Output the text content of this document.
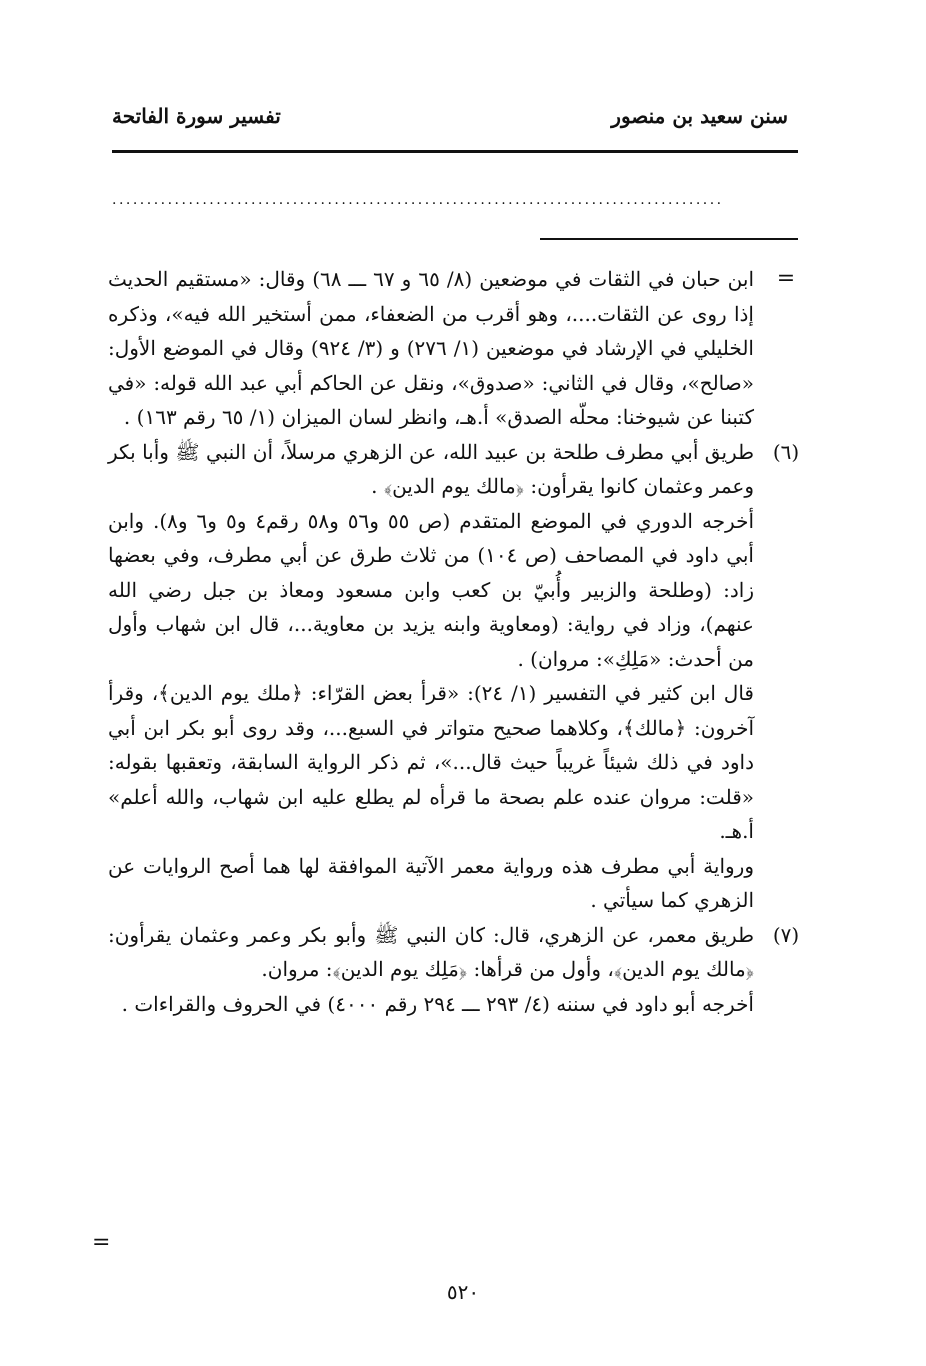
سنن سعيد بن منصور
تفسير سورة الفاتحة
........................................................................................
=
ابن حبان في الثقات في موضعين (٨/ ٦٥ و ٦٧ ـــ ٦٨) وقال: «مستقيم الحديث إذا روى عن الثقات....، وهو أقرب من الضعفاء، ممن أستخير الله فيه»، وذكره الخليلي في الإرشاد في موضعين (١/ ٢٧٦) و (٣/ ٩٢٤) وقال في الموضع الأول: «صالح»، وقال في الثاني: «صدوق»، ونقل عن الحاكم أبي عبد الله قوله: «في كتبنا عن شيوخنا: محلّه الصدق» أ.هـ، وانظر لسان الميزان (١/ ٦٥ رقم ١٦٣) .
(٦)
طريق أبي مطرف طلحة بن عبيد الله، عن الزهري مرسلاً، أن النبي ﷺ وأبا بكر وعمر وعثمان كانوا يقرأون: ﴿مالك يوم الدين﴾ .
أخرجه الدوري في الموضع المتقدم (ص ٥٥ و٥٦ و٥٨ رقم٤ و٥ و٦ و٨). وابن أبي داود في المصاحف (ص ١٠٤) من ثلاث طرق عن أبي مطرف، وفي بعضها زاد: (وطلحة والزبير وأُبيّ بن كعب وابن مسعود ومعاذ بن جبل رضي الله عنهم)، وزاد في رواية: (ومعاوية وابنه يزيد بن معاوية...، قال ابن شهاب وأول من أحدث: «مَلِكِ»: مروان) .
قال ابن كثير في التفسير (١/ ٢٤): «قرأ بعض القرّاء: ﴿ملك يوم الدين﴾، وقرأ آخرون: ﴿مالك﴾، وكلاهما صحيح متواتر في السبع...، وقد روى أبو بكر ابن أبي داود في ذلك شيئاً غريباً حيث قال...»، ثم ذكر الرواية السابقة، وتعقبها بقوله: «قلت: مروان عنده علم بصحة ما قرأه لم يطلع عليه ابن شهاب، والله أعلم» أ.هـ.
ورواية أبي مطرف هذه ورواية معمر الآتية الموافقة لها هما أصح الروايات عن الزهري كما سيأتي .
(٧)
طريق معمر، عن الزهري، قال: كان النبي ﷺ وأبو بكر وعمر وعثمان يقرأون: ﴿مالك يوم الدين﴾، وأول من قرأها: ﴿مَلِك يوم الدين﴾: مروان.
أخرجه أبو داود في سننه (٤/ ٢٩٣ ـــ ٢٩٤ رقم ٤٠٠٠) في الحروف والقراءات .
=
٥٢٠
